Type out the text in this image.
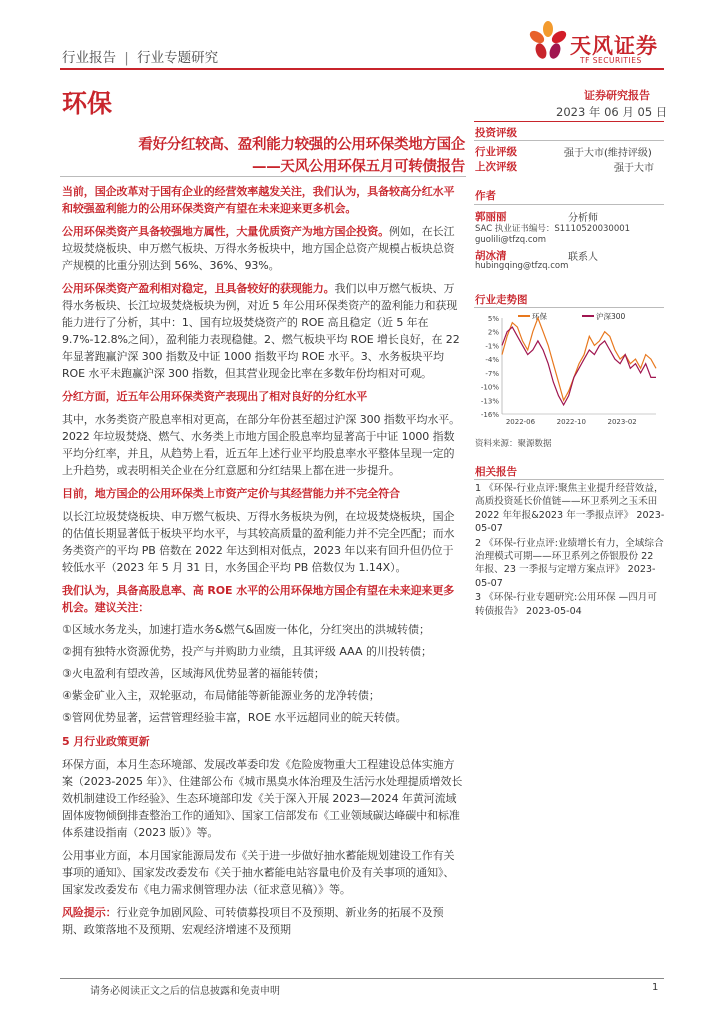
行业报告 | 行业专题研究	天风证券
TF SECURITIES
环保	证券研究报告
2023 年 06 月 05 日
看好分红较高、盈利能力较强的公用环保类地方国企
——天风公用环保五月可转债报告
投资评级
行业评级	强于大市(维持评级)
上次评级	强于大市
作者
郭丽丽	分析师
SAC 执业证书编号：S1110520030001
guolili@tfzq.com
胡冰清	联系人
hubingqing@tfzq.com
行业走势图
5%
2%
-1%
-4%
-7%
-10%
-13%
-16%
2022-06	2022-10	2023-02
环保	沪深300
资料来源：聚源数据
相关报告

1 《环保-行业点评:聚焦主业提升经营效益，高质投资延长价值链——环卫系列之玉禾田 2022 年年报&2023 年一季报点评》 2023-05-07

2 《环保-行业点评:业绩增长有力，全域综合治理模式可期——环卫系列之侨银股份 22 年报、23 一季报与定增方案点评》 2023-05-07

3 《环保-行业专题研究:公用环保 —四月可转债报告》 2023-05-04

当前，国企改革对于国有企业的经营效率越发关注，我们认为，具备较高分红水平和较强盈利能力的公用环保类资产有望在未来迎来更多机会。

公用环保类资产具备较强地方属性，大量优质资产为地方国企投资。例如，在长江垃圾焚烧板块、申万燃气板块、万得水务板块中，地方国企总资产规模占板块总资产规模的比重分别达到 56%、36%、93%。

公用环保类资产盈利相对稳定，且具备较好的获现能力。我们以申万燃气板块、万得水务板块、长江垃圾焚烧板块为例，对近 5 年公用环保类资产的盈利能力和获现能力进行了分析，其中：1、国有垃圾焚烧资产的 ROE 高且稳定（近 5 年在 9.7%-12.8%之间），盈利能力表现稳健。2、燃气板块平均 ROE 增长良好，在 22 年显著跑赢沪深 300 指数及中证 1000 指数平均 ROE 水平。3、水务板块平均 ROE 水平未跑赢沪深 300 指数，但其营业现金比率在多数年份均相对可观。

分红方面，近五年公用环保类资产表现出了相对良好的分红水平

其中，水务类资产股息率相对更高，在部分年份甚至超过沪深 300 指数平均水平。2022 年垃圾焚烧、燃气、水务类上市地方国企股息率均显著高于中证 1000 指数平均分红率，并且，从趋势上看，近五年上述行业平均股息率水平整体呈现一定的上升趋势，或表明相关企业在分红意愿和分红结果上都在进一步提升。

目前，地方国企的公用环保类上市资产定价与其经营能力并不完全符合

以长江垃圾焚烧板块、申万燃气板块、万得水务板块为例，在垃圾焚烧板块，国企的估值长期显著低于板块平均水平，与其较高质量的盈利能力并不完全匹配；而水务类资产的平均 PB 倍数在 2022 年达到相对低点，2023 年以来有回升但仍位于较低水平（2023 年 5 月 31 日，水务国企平均 PB 倍数仅为 1.14X）。

我们认为，具备高股息率、高 ROE 水平的公用环保地方国企有望在未来迎来更多机会。建议关注：

①区域水务龙头，加速打造水务&燃气&固废一体化，分红突出的洪城转债；

②拥有独特水资源优势，投产与并购助力业绩，且其评级 AAA 的川投转债；

③火电盈利有望改善，区域海风优势显著的福能转债；

④紫金矿业入主，双轮驱动，布局储能等新能源业务的龙净转债；

⑤管网优势显著，运营管理经验丰富，ROE 水平远超同业的皖天转债。

5 月行业政策更新

环保方面，本月生态环境部、发展改革委印发《危险废物重大工程建设总体实施方案（2023-2025 年）》、住建部公布《城市黑臭水体治理及生活污水处理提质增效长效机制建设工作经验》、生态环境部印发《关于深入开展 2023—2024 年黄河流域固体废物倾倒排查整治工作的通知》、国家工信部发布《工业领域碳达峰碳中和标准体系建设指南（2023 版）》等。

公用事业方面，本月国家能源局发布《关于进一步做好抽水蓄能规划建设工作有关事项的通知》、国家发改委发布《关于抽水蓄能电站容量电价及有关事项的通知》、国家发改委发布《电力需求侧管理办法（征求意见稿）》等。

风险提示：行业竞争加剧风险、可转债募投项目不及预期、新业务的拓展不及预期、政策落地不及预期、宏观经济增速不及预期

请务必阅读正文之后的信息披露和免责申明	1
